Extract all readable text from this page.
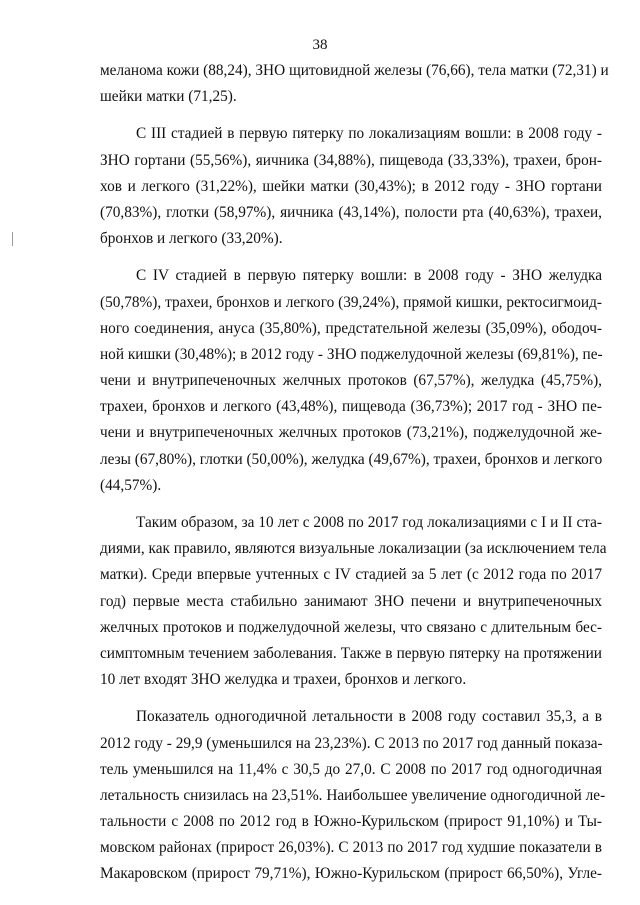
38
меланома кожи (88,24), ЗНО щитовидной железы (76,66), тела матки (72,31) и
шейки матки (71,25).
С III стадией в первую пятерку по локализациям вошли: в 2008 году -
ЗНО гортани (55,56%), яичника (34,88%), пищевода (33,33%), трахеи, брон-
хов и легкого (31,22%), шейки матки (30,43%); в 2012 году - ЗНО гортани
(70,83%), глотки (58,97%), яичника (43,14%), полости рта (40,63%), трахеи,
бронхов и легкого (33,20%).
С IV стадией в первую пятерку вошли: в 2008 году - ЗНО желудка
(50,78%), трахеи, бронхов и легкого (39,24%), прямой кишки, ректосигмоид-
ного соединения, ануса (35,80%), предстательной железы (35,09%), ободоч-
ной кишки (30,48%); в 2012 году - ЗНО поджелудочной железы (69,81%), пе-
чени и внутрипеченочных желчных протоков (67,57%), желудка (45,75%),
трахеи, бронхов и легкого (43,48%), пищевода (36,73%); 2017 год - ЗНО пе-
чени и внутрипеченочных желчных протоков (73,21%), поджелудочной же-
лезы (67,80%), глотки (50,00%), желудка (49,67%), трахеи, бронхов и легкого
(44,57%).
Таким образом, за 10 лет с 2008 по 2017 год локализациями с I и II ста-
диями, как правило, являются визуальные локализации (за исключением тела
матки). Среди впервые учтенных с IV стадией за 5 лет (с 2012 года по 2017
год) первые места стабильно занимают ЗНО печени и внутрипеченочных
желчных протоков и поджелудочной железы, что связано с длительным бес-
симптомным течением заболевания. Также в первую пятерку на протяжении
10 лет входят ЗНО желудка и трахеи, бронхов и легкого.
Показатель одногодичной летальности в 2008 году составил 35,3, а в
2012 году - 29,9 (уменьшился на 23,23%). С 2013 по 2017 год данный показа-
тель уменьшился на 11,4% с 30,5 до 27,0. С 2008 по 2017 год одногодичная
летальность снизилась на 23,51%. Наибольшее увеличение одногодичной ле-
тальности с 2008 по 2012 год в Южно-Курильском (прирост 91,10%) и Ты-
мовском районах (прирост 26,03%). С 2013 по 2017 год худшие показатели в
Макаровском (прирост 79,71%), Южно-Курильском (прирост 66,50%), Угле-
